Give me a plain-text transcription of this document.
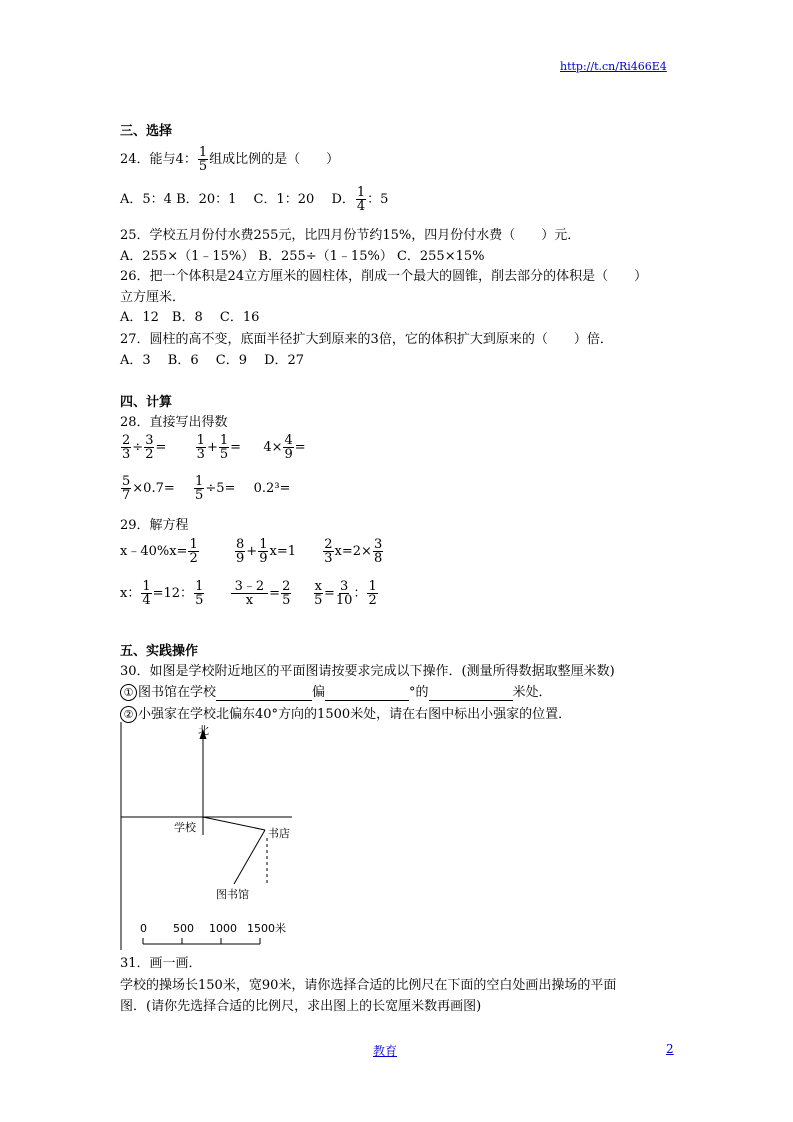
http://t.cn/Ri466E4
三、选择
24．能与4： $\frac{1}{5}$ 组成比例的是（　　）
A．5：4 B．20：1　 C．1：20　 D． $\frac{1}{4}$ ：5
25．学校五月份付水费255元，比四月份节约15%，四月份付水费（　　）元．
A．255×（1﹣15%） B．255÷（1﹣15%） C．255×15%
26．把一个体积是24立方厘米的圆柱体，削成一个最大的圆锥，削去部分的体积是（　　）
立方厘米．
A．12　B．8　 C．16
27．圆柱的高不变，底面半径扩大到原来的3倍，它的体积扩大到原来的（　　）倍．
A．3　 B．6　 C．9　 D．27
四、计算
28．直接写出得数
$\frac{2}{3} \div \frac{3}{2} = \frac{1}{3} + \frac{1}{5} = 4\times \frac{4}{9}$ =
$\frac{5}{7} \times 0.7= \frac{1}{5} \div 5= 0.2^3=$
29．解方程
x﹣40%x= $\frac{1}{2}$
	$\frac{8}{9} + \frac{1}{9} x=1 \frac{2}{3} x=2\times \frac{3}{8}$
x： $\frac{1}{4} =12$： $\frac{1}{5}$
$\frac{3﹣2}{x} = \frac{2}{5}$
$\frac{x}{5} = \frac{3}{10}$ ： $\frac{1}{2}$
五、实践操作
30．如图是学校附近地区的平面图请按要求完成以下操作．(测量所得数据取整厘米数)
① 图书馆在学校	偏	°的	米处．
② 小强家在学校北偏东40°方向的1500米处，请在右图中标出小强家的位置．
北
学校	书店
图书馆
0 500 1000 1500米
31．画一画．
学校的操场长150米，宽90米，请你选择合适的比例尺在下面的空白处画出操场的平面
图．(请你先选择合适的比例尺，求出图上的长宽厘米数再画图)
教育	2
